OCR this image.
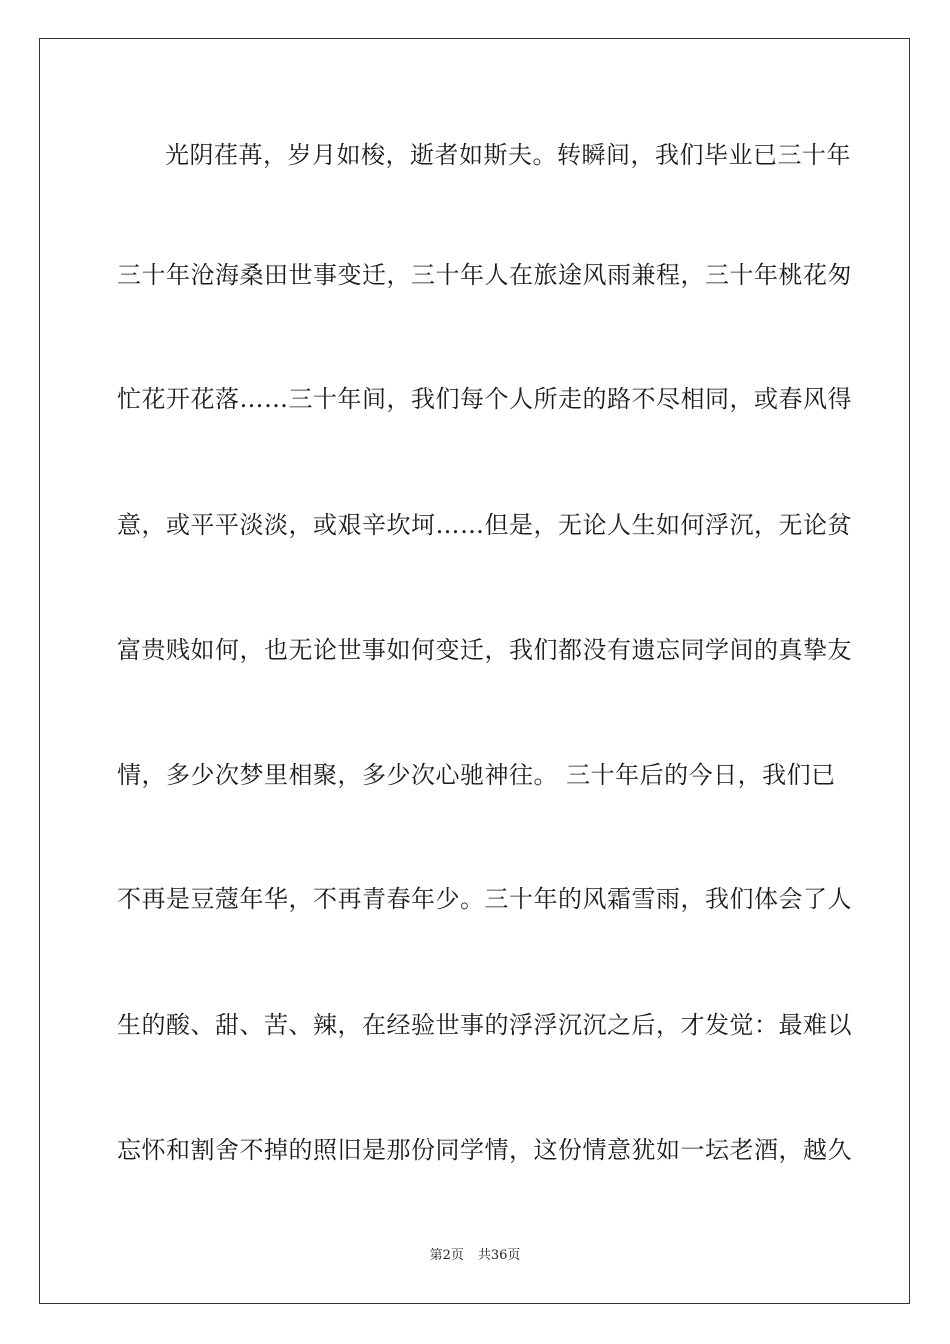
光阴荏苒，岁月如梭，逝者如斯夫。转瞬间，我们毕业已三十年
三十年沧海桑田世事变迁，三十年人在旅途风雨兼程，三十年桃花匆
忙花开花落……三十年间，我们每个人所走的路不尽相同，或春风得
意，或平平淡淡，或艰辛坎坷……但是，无论人生如何浮沉，无论贫
富贵贱如何，也无论世事如何变迁，我们都没有遗忘同学间的真挚友
情，多少次梦里相聚，多少次心驰神往。 三十年后的今日，我们已
不再是豆蔻年华，不再青春年少。三十年的风霜雪雨，我们体会了人
生的酸、甜、苦、辣，在经验世事的浮浮沉沉之后，才发觉：最难以
忘怀和割舍不掉的照旧是那份同学情，这份情意犹如一坛老酒，越久
第2页 共36页
